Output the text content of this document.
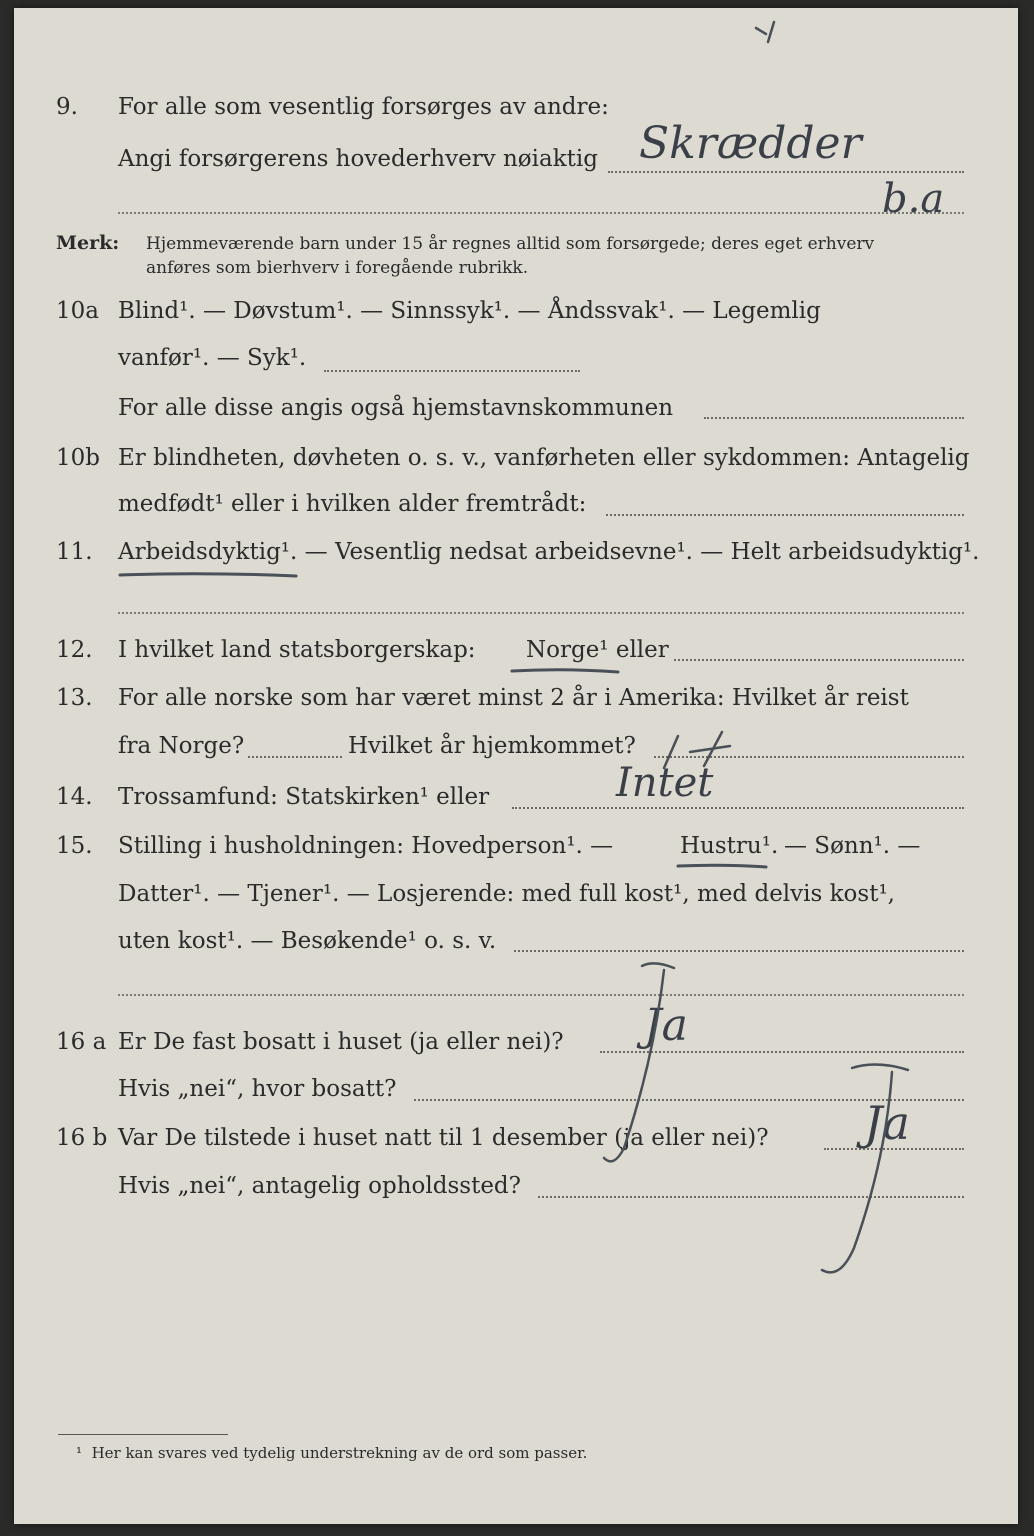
9. For alle som vesentlig forsørges av andre:
Angi forsørgerens hovederhverv nøiaktig Skrædder
b.a
Merk: Hjemmeværende barn under 15 år regnes alltid som forsørgede; deres eget erhverv
anføres som bierhverv i foregående rubrikk.
10a Blind¹. — Døvstum¹. — Sinnssyk¹. — Åndssvak¹. — Legemlig
vanfør¹. — Syk¹.
For alle disse angis også hjemstavnskommunen
10b Er blindheten, døvheten o. s. v., vanførheten eller sykdommen: Antagelig
medfødt¹ eller i hvilken alder fremtrådt:
11. Arbeidsdyktig¹. — Vesentlig nedsat arbeidsevne¹. — Helt arbeidsudyktig¹.
12. I hvilket land statsborgerskap: Norge¹ eller
13. For alle norske som har været minst 2 år i Amerika: Hvilket år reist
fra Norge?	Hvilket år hjemkommet?
14. Trossamfund: Statskirken¹ eller	Intet
15. Stilling i husholdningen: Hovedperson¹. —	Hustru¹. — Sønn¹. —
Datter¹. — Tjener¹. — Losjerende: med full kost¹, med delvis kost¹,
uten kost¹. — Besøkende¹ o. s. v.
16 a Er De fast bosatt i huset (ja eller nei)? Ja
Hvis „nei“, hvor bosatt?
16 b Var De tilstede i huset natt til 1 desember (ja eller nei)? Ja
Hvis „nei“, antagelig opholdssted?
¹ Her kan svares ved tydelig understrekning av de ord som passer.
